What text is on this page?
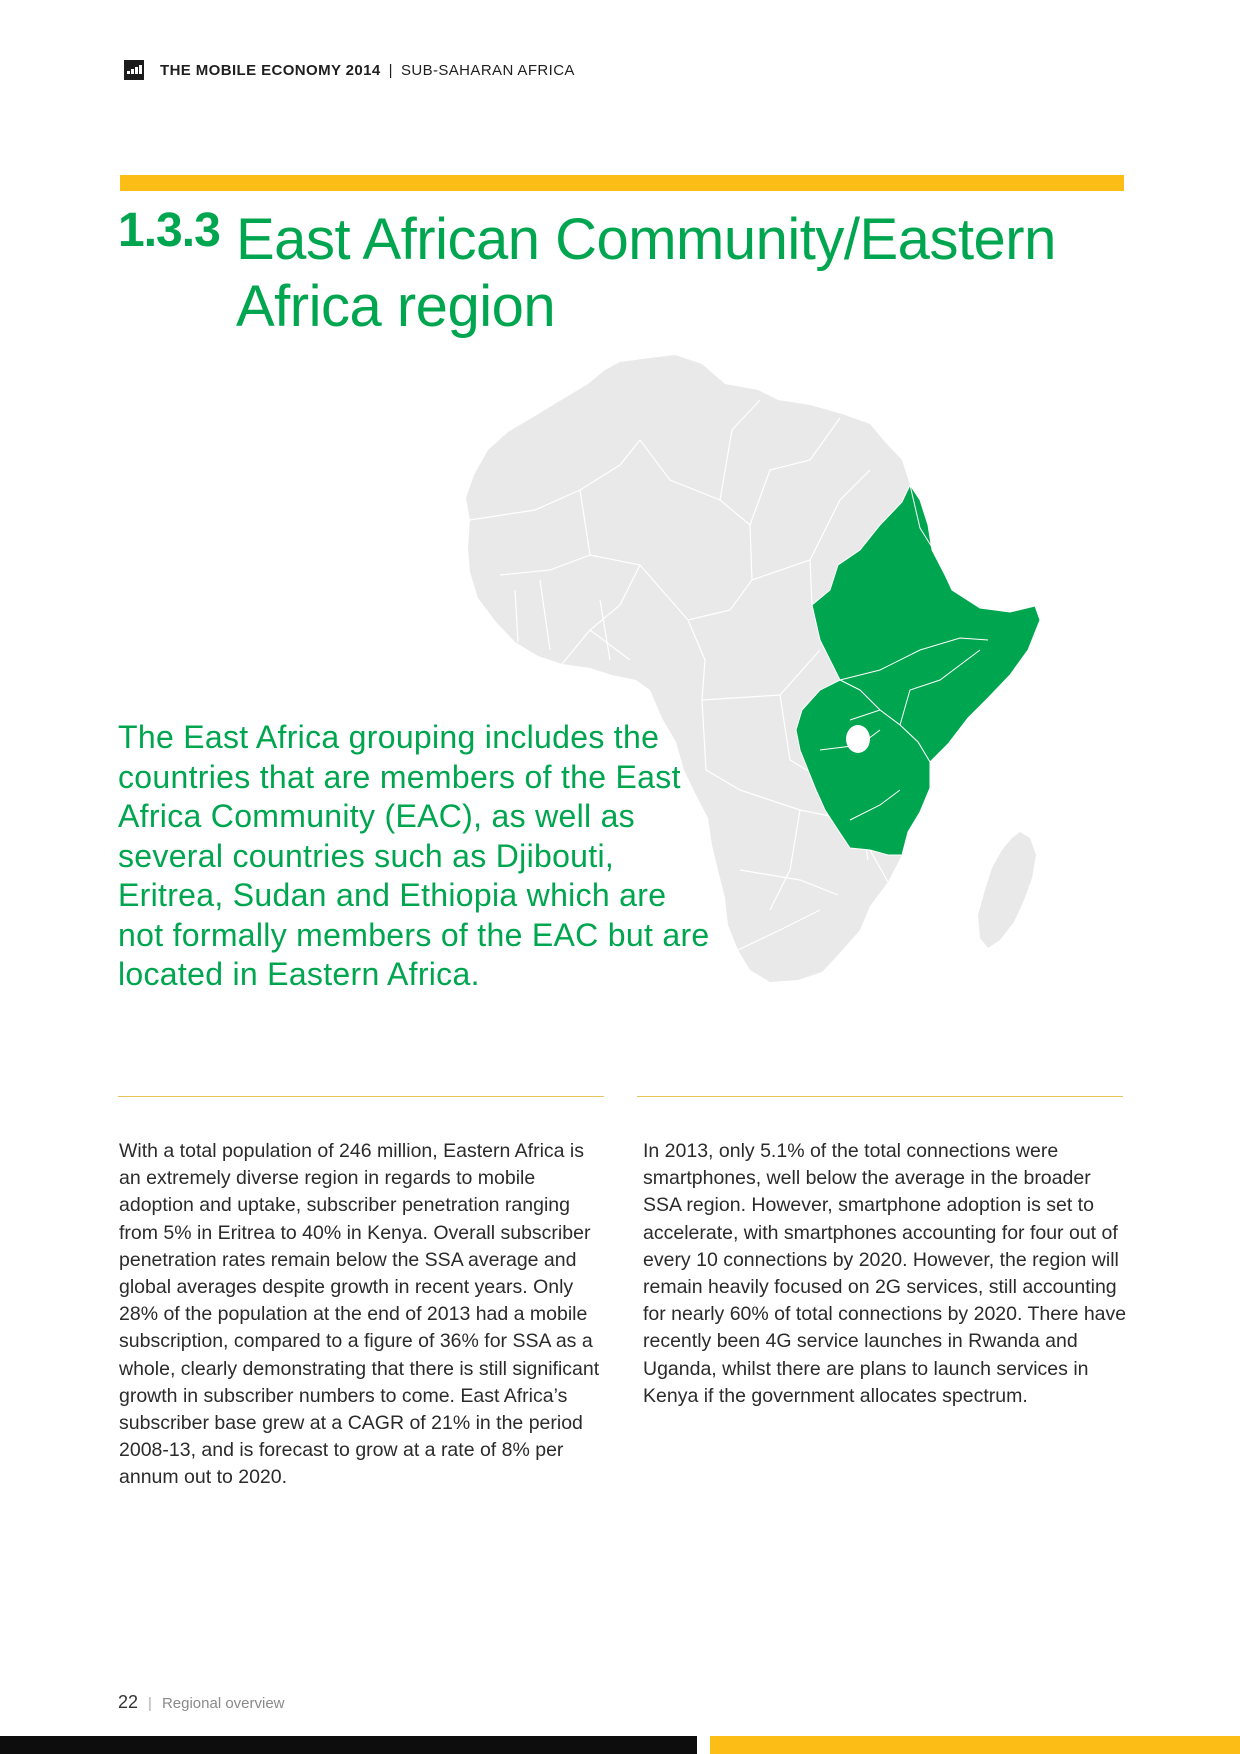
THE MOBILE ECONOMY 2014 | SUB-SAHARAN AFRICA
1.3.3 East African Community/Eastern Africa region
The East Africa grouping includes the countries that are members of the East Africa Community (EAC), as well as several countries such as Djibouti, Eritrea, Sudan and Ethiopia which are not formally members of the EAC but are located in Eastern Africa.
With a total population of 246 million, Eastern Africa is an extremely diverse region in regards to mobile adoption and uptake, subscriber penetration ranging from 5% in Eritrea to 40% in Kenya. Overall subscriber penetration rates remain below the SSA average and global averages despite growth in recent years. Only 28% of the population at the end of 2013 had a mobile subscription, compared to a figure of 36% for SSA as a whole, clearly demonstrating that there is still significant growth in subscriber numbers to come. East Africa’s subscriber base grew at a CAGR of 21% in the period 2008-13, and is forecast to grow at a rate of 8% per annum out to 2020.
In 2013, only 5.1% of the total connections were smartphones, well below the average in the broader SSA region. However, smartphone adoption is set to accelerate, with smartphones accounting for four out of every 10 connections by 2020. However, the region will remain heavily focused on 2G services, still accounting for nearly 60% of total connections by 2020. There have recently been 4G service launches in Rwanda and Uganda, whilst there are plans to launch services in Kenya if the government allocates spectrum.
22 | Regional overview
